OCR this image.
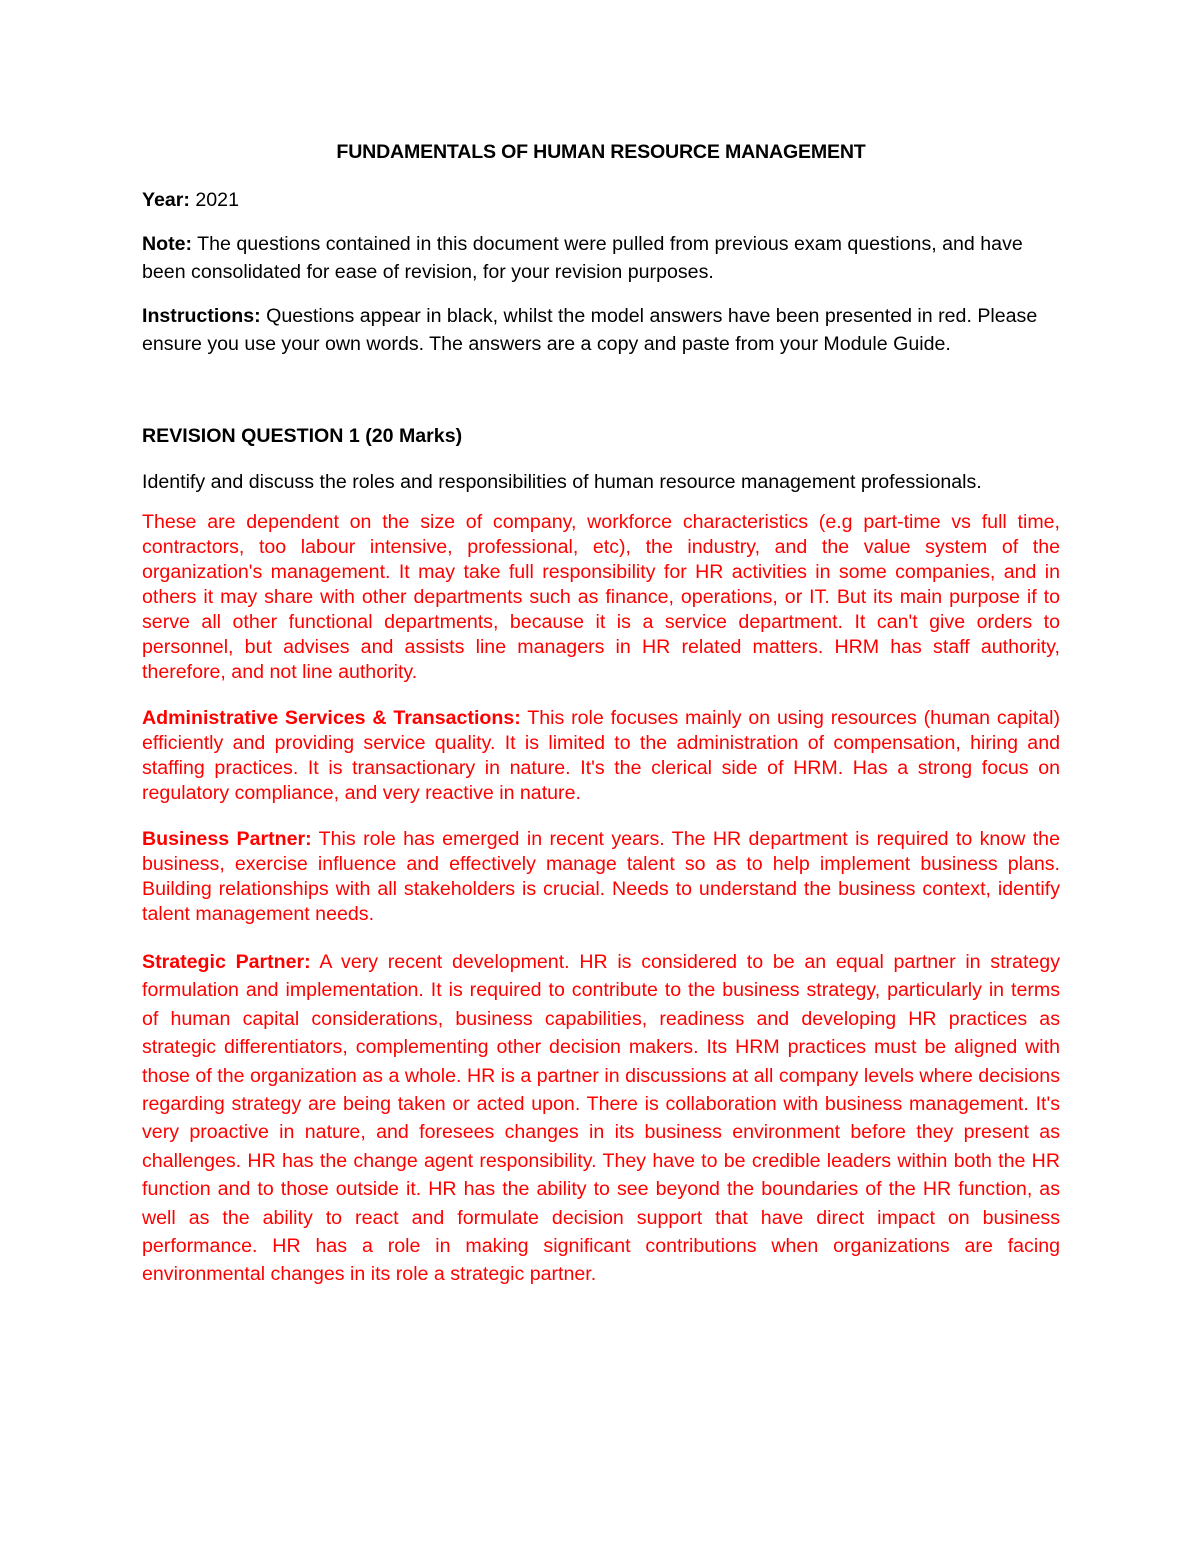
FUNDAMENTALS OF HUMAN RESOURCE MANAGEMENT

Year: 2021

Note: The questions contained in this document were pulled from previous exam questions, and have been consolidated for ease of revision, for your revision purposes.

Instructions: Questions appear in black, whilst the model answers have been presented in red. Please ensure you use your own words. The answers are a copy and paste from your Module Guide.

REVISION QUESTION 1 (20 Marks)

Identify and discuss the roles and responsibilities of human resource management professionals.

These are dependent on the size of company, workforce characteristics (e.g part-time vs full time, contractors, too labour intensive, professional, etc), the industry, and the value system of the organization's management. It may take full responsibility for HR activities in some companies, and in others it may share with other departments such as finance, operations, or IT. But its main purpose if to serve all other functional departments, because it is a service department. It can't give orders to personnel, but advises and assists line managers in HR related matters. HRM has staff authority, therefore, and not line authority.

Administrative Services & Transactions: This role focuses mainly on using resources (human capital) efficiently and providing service quality. It is limited to the administration of compensation, hiring and staffing practices. It is transactionary in nature. It's the clerical side of HRM. Has a strong focus on regulatory compliance, and very reactive in nature.

Business Partner: This role has emerged in recent years. The HR department is required to know the business, exercise influence and effectively manage talent so as to help implement business plans. Building relationships with all stakeholders is crucial. Needs to understand the business context, identify talent management needs.

Strategic Partner: A very recent development. HR is considered to be an equal partner in strategy formulation and implementation. It is required to contribute to the business strategy, particularly in terms of human capital considerations, business capabilities, readiness and developing HR practices as strategic differentiators, complementing other decision makers. Its HRM practices must be aligned with those of the organization as a whole. HR is a partner in discussions at all company levels where decisions regarding strategy are being taken or acted upon. There is collaboration with business management. It's very proactive in nature, and foresees changes in its business environment before they present as challenges. HR has the change agent responsibility. They have to be credible leaders within both the HR function and to those outside it. HR has the ability to see beyond the boundaries of the HR function, as well as the ability to react and formulate decision support that have direct impact on business performance. HR has a role in making significant contributions when organizations are facing environmental changes in its role a strategic partner.
